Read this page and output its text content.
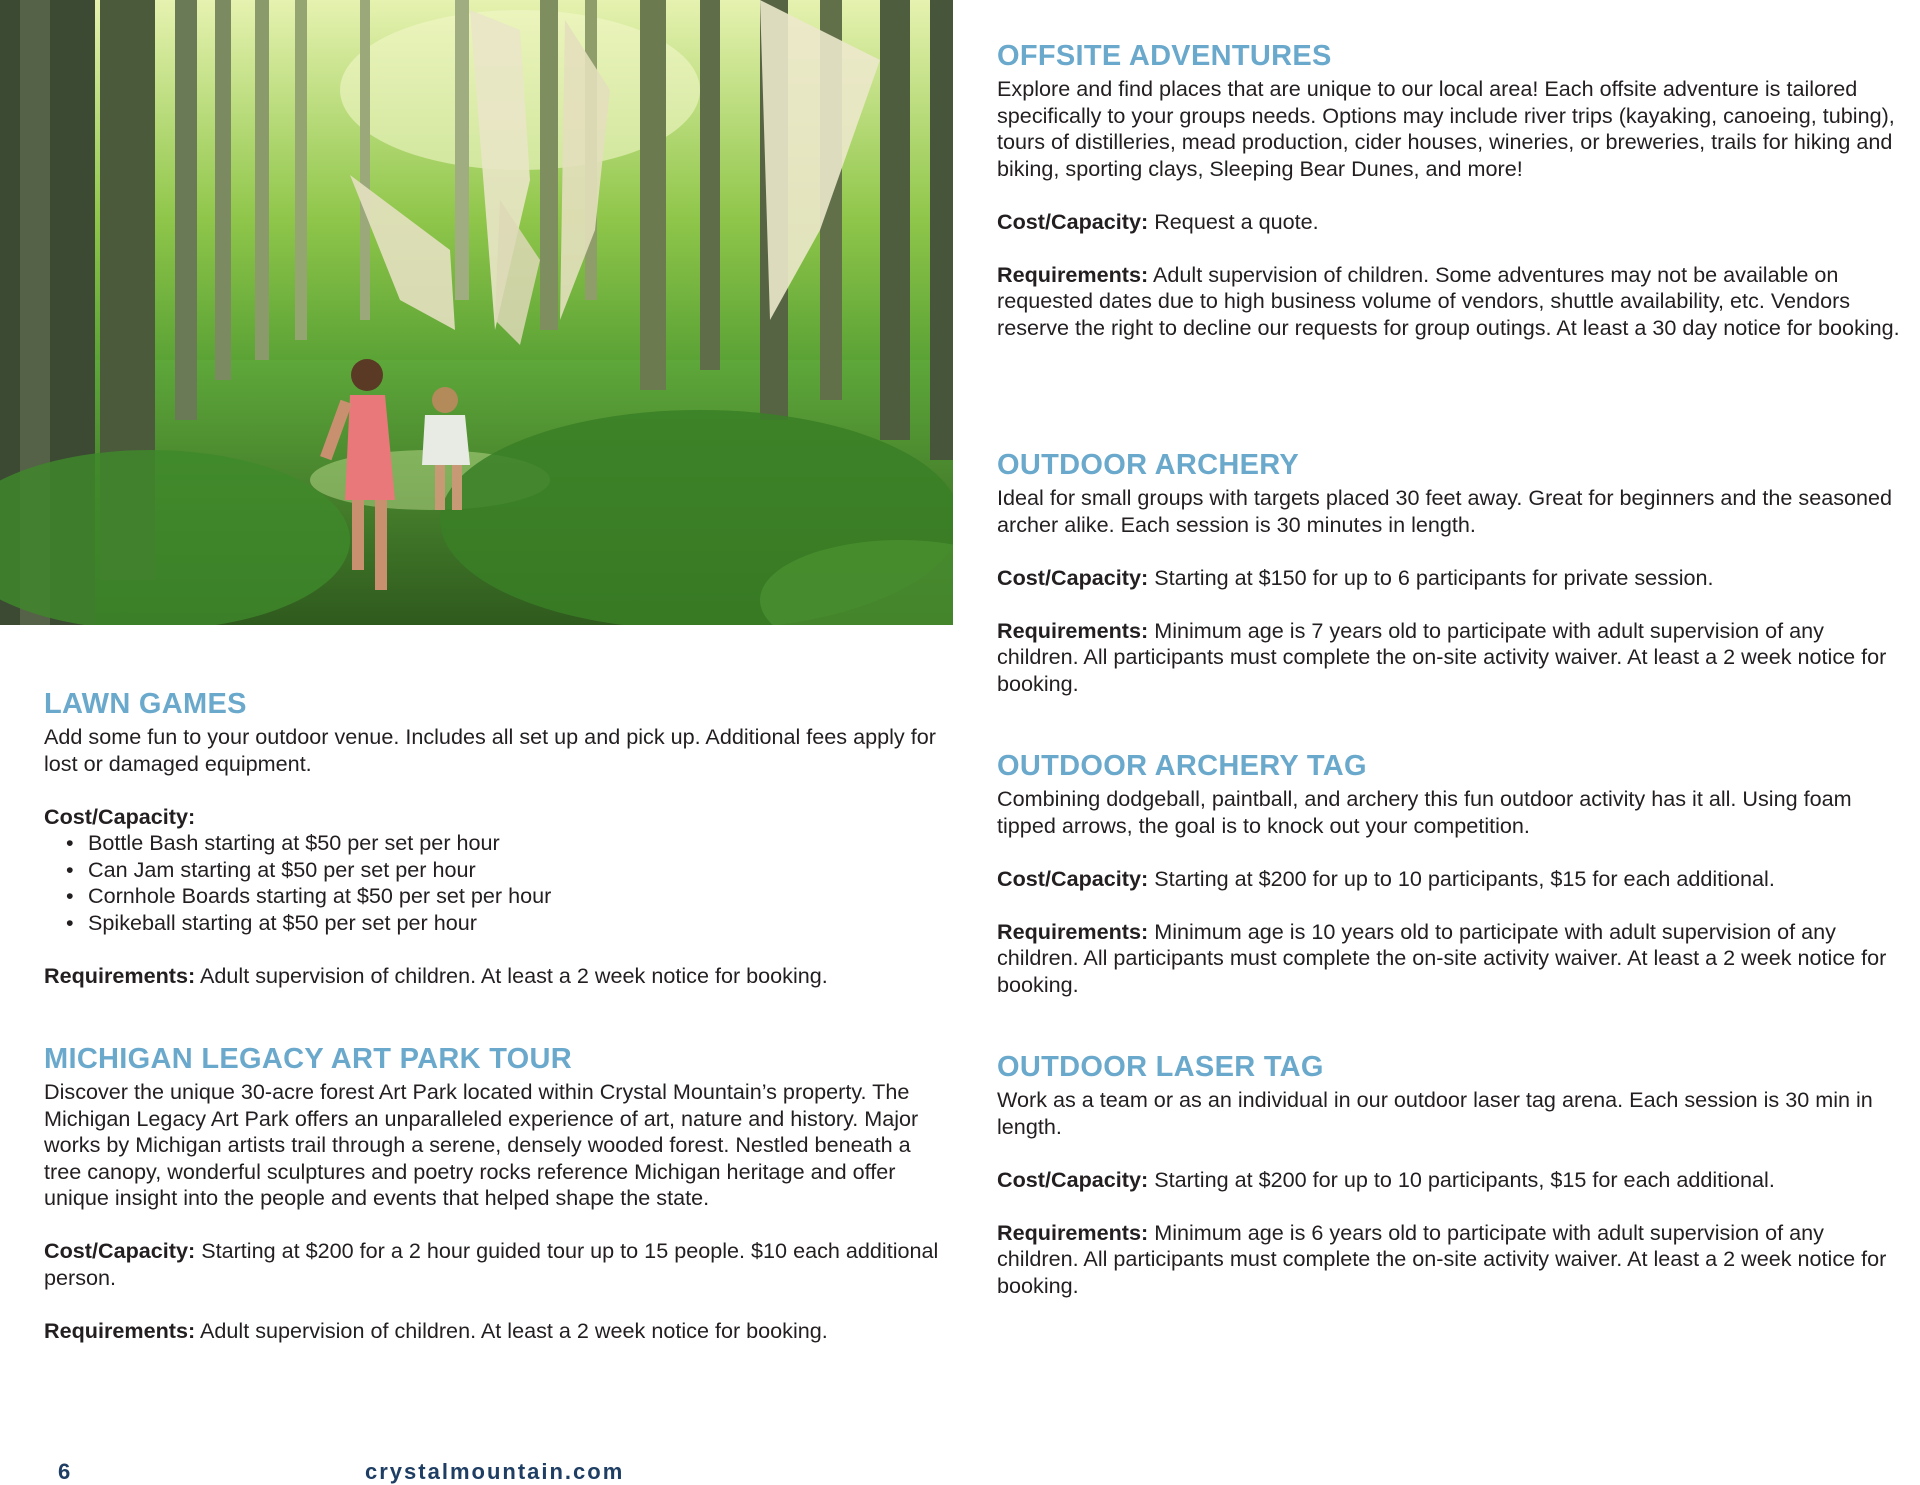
LAWN GAMES

Add some fun to your outdoor venue. Includes all set up and pick up. Additional fees apply for lost or damaged equipment.

Cost/Capacity:

• Bottle Bash starting at $50 per set per hour
• Can Jam starting at $50 per set per hour
• Cornhole Boards starting at $50 per set per hour
• Spikeball starting at $50 per set per hour

Requirements: Adult supervision of children. At least a 2 week notice for booking.

MICHIGAN LEGACY ART PARK TOUR

Discover the unique 30-acre forest Art Park located within Crystal Mountain’s property. The Michigan Legacy Art Park offers an unparalleled experience of art, nature and history. Major works by Michigan artists trail through a serene, densely wooded forest. Nestled beneath a tree canopy, wonderful sculptures and poetry rocks reference Michigan heritage and offer unique insight into the people and events that helped shape the state.

Cost/Capacity: Starting at $200 for a 2 hour guided tour up to 15 people. $10 each additional person.

Requirements: Adult supervision of children. At least a 2 week notice for booking.

OFFSITE ADVENTURES

Explore and find places that are unique to our local area! Each offsite adventure is tailored specifically to your groups needs. Options may include river trips (kayaking, canoeing, tubing), tours of distilleries, mead production, cider houses, wineries, or breweries, trails for hiking and biking, sporting clays, Sleeping Bear Dunes, and more!

Cost/Capacity: Request a quote.

Requirements: Adult supervision of children. Some adventures may not be available on requested dates due to high business volume of vendors, shuttle availability, etc. Vendors reserve the right to decline our requests for group outings. At least a 30 day notice for booking.

OUTDOOR ARCHERY

Ideal for small groups with targets placed 30 feet away. Great for beginners and the seasoned archer alike. Each session is 30 minutes in length.

Cost/Capacity: Starting at $150 for up to 6 participants for private session.

Requirements: Minimum age is 7 years old to participate with adult supervision of any children. All participants must complete the on-site activity waiver. At least a 2 week notice for booking.

OUTDOOR ARCHERY TAG

Combining dodgeball, paintball, and archery this fun outdoor activity has it all. Using foam tipped arrows, the goal is to knock out your competition.

Cost/Capacity: Starting at $200 for up to 10 participants, $15 for each additional.

Requirements: Minimum age is 10 years old to participate with adult supervision of any children. All participants must complete the on-site activity waiver. At least a 2 week notice for booking.

OUTDOOR LASER TAG

Work as a team or as an individual in our outdoor laser tag arena. Each session is 30 min in length.

Cost/Capacity: Starting at $200 for up to 10 participants, $15 for each additional.

Requirements: Minimum age is 6 years old to participate with adult supervision of any children. All participants must complete the on-site activity waiver. At least a 2 week notice for booking.

6	crystalmountain.com
